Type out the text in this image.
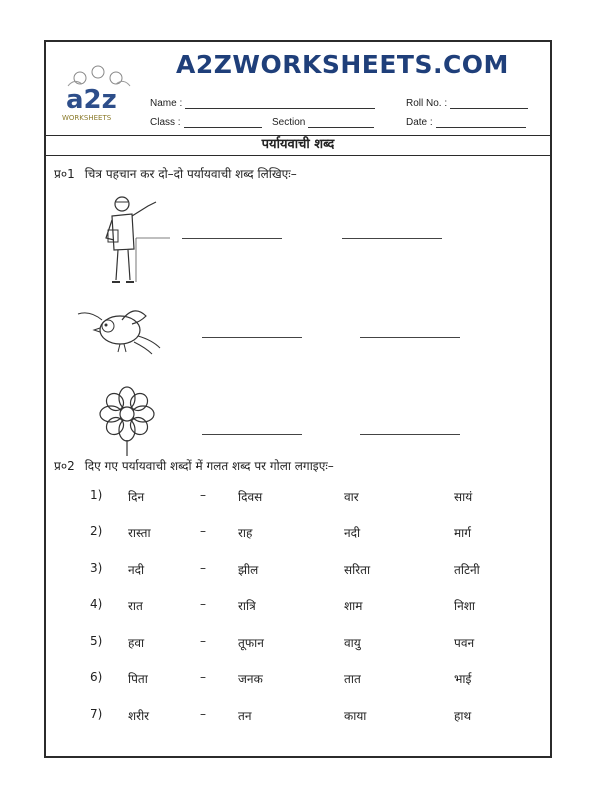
a2z
WORKSHEETS
A2ZWORKSHEETS.COM
Name :	Roll No. :
Class :	Section	Date :
पर्यायवाची शब्द
प्र०1 चित्र पहचान कर दो–दो पर्यायवाची शब्द लिखिएः–
प्र०2 दिए गए पर्यायवाची शब्दों में गलत शब्द पर गोला लगाइएः–
1) दिन	–	दिवस	वार	सायं
2) रास्ता	–	राह	नदी	मार्ग
3) नदी	–	झील	सरिता	तटिनी
4) रात	–	रात्रि	शाम	निशा
5) हवा	–	तूफान	वायु	पवन
6) पिता	–	जनक	तात	भाई
7) शरीर	–	तन	काया	हाथ
